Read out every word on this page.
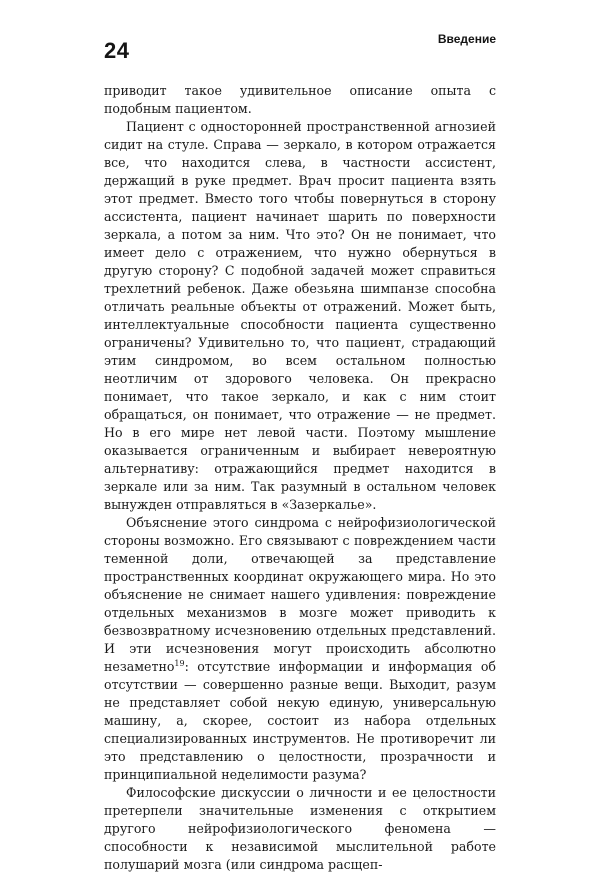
24	Введение

приводит такое удивительное описание опыта с подобным пациентом.

Пациент с односторонней пространственной агнозией сидит на стуле. Справа — зеркало, в котором отражается все, что находится слева, в частности ассистент, держащий в руке предмет. Врач просит пациента взять этот предмет. Вместо того чтобы повернуться в сторону ассистента, пациент начинает шарить по поверхности зеркала, а потом за ним. Что это? Он не понимает, что имеет дело с отражением, что нужно обернуться в другую сторону? С подобной задачей может справиться трехлетний ребенок. Даже обезьяна шимпанзе способна отличать реальные объекты от отражений. Может быть, интеллектуальные способности пациента существенно ограничены? Удивительно то, что пациент, страдающий этим синдромом, во всем остальном полностью неотличим от здорового человека. Он прекрасно понимает, что такое зеркало, и как с ним стоит обращаться, он понимает, что отражение — не предмет. Но в его мире нет левой части. Поэтому мышление оказывается ограниченным и выбирает невероятную альтернативу: отражающийся предмет находится в зеркале или за ним. Так разумный в остальном человек вынужден отправляться в «Зазеркалье».

Объяснение этого синдрома с нейрофизиологической стороны возможно. Его связывают с повреждением части теменной доли, отвечающей за представление пространственных координат окружающего мира. Но это объяснение не снимает нашего удивления: повреждение отдельных механизмов в мозге может приводить к безвозвратному исчезновению отдельных представлений. И эти исчезновения могут происходить абсолютно незаметно$^{19}$: отсутствие информации и информация об отсутствии — совершенно разные вещи. Выходит, разум не представляет собой некую единую, универсальную машину, а, скорее, состоит из набора отдельных специализированных инструментов. Не противоречит ли это представлению о целостности, прозрачности и принципиальной неделимости разума?

Философские дискуссии о личности и ее целостности претерпели значительные изменения с открытием другого нейрофизиологического феномена — способности к независимой мыслительной работе полушарий мозга (или синдрома расщеп-
